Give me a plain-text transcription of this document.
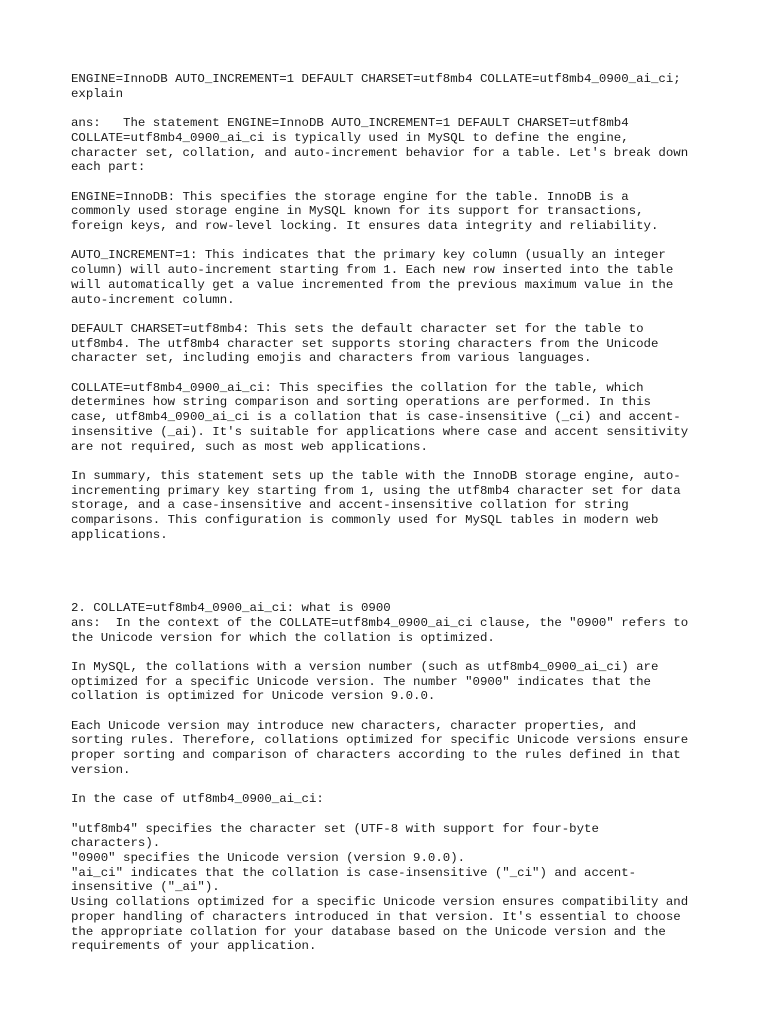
ENGINE=InnoDB AUTO_INCREMENT=1 DEFAULT CHARSET=utf8mb4 COLLATE=utf8mb4_0900_ai_ci;
explain

ans:   The statement ENGINE=InnoDB AUTO_INCREMENT=1 DEFAULT CHARSET=utf8mb4
COLLATE=utf8mb4_0900_ai_ci is typically used in MySQL to define the engine,
character set, collation, and auto-increment behavior for a table. Let's break down
each part:

ENGINE=InnoDB: This specifies the storage engine for the table. InnoDB is a
commonly used storage engine in MySQL known for its support for transactions,
foreign keys, and row-level locking. It ensures data integrity and reliability.

AUTO_INCREMENT=1: This indicates that the primary key column (usually an integer
column) will auto-increment starting from 1. Each new row inserted into the table
will automatically get a value incremented from the previous maximum value in the
auto-increment column.

DEFAULT CHARSET=utf8mb4: This sets the default character set for the table to
utf8mb4. The utf8mb4 character set supports storing characters from the Unicode
character set, including emojis and characters from various languages.

COLLATE=utf8mb4_0900_ai_ci: This specifies the collation for the table, which
determines how string comparison and sorting operations are performed. In this
case, utf8mb4_0900_ai_ci is a collation that is case-insensitive (_ci) and accent-
insensitive (_ai). It's suitable for applications where case and accent sensitivity
are not required, such as most web applications.

In summary, this statement sets up the table with the InnoDB storage engine, auto-
incrementing primary key starting from 1, using the utf8mb4 character set for data
storage, and a case-insensitive and accent-insensitive collation for string
comparisons. This configuration is commonly used for MySQL tables in modern web
applications.

2. COLLATE=utf8mb4_0900_ai_ci: what is 0900
ans:  In the context of the COLLATE=utf8mb4_0900_ai_ci clause, the "0900" refers to
the Unicode version for which the collation is optimized.

In MySQL, the collations with a version number (such as utf8mb4_0900_ai_ci) are
optimized for a specific Unicode version. The number "0900" indicates that the
collation is optimized for Unicode version 9.0.0.

Each Unicode version may introduce new characters, character properties, and
sorting rules. Therefore, collations optimized for specific Unicode versions ensure
proper sorting and comparison of characters according to the rules defined in that
version.

In the case of utf8mb4_0900_ai_ci:

"utf8mb4" specifies the character set (UTF-8 with support for four-byte
characters).
"0900" specifies the Unicode version (version 9.0.0).
"ai_ci" indicates that the collation is case-insensitive ("_ci") and accent-
insensitive ("_ai").
Using collations optimized for a specific Unicode version ensures compatibility and
proper handling of characters introduced in that version. It's essential to choose
the appropriate collation for your database based on the Unicode version and the
requirements of your application.
